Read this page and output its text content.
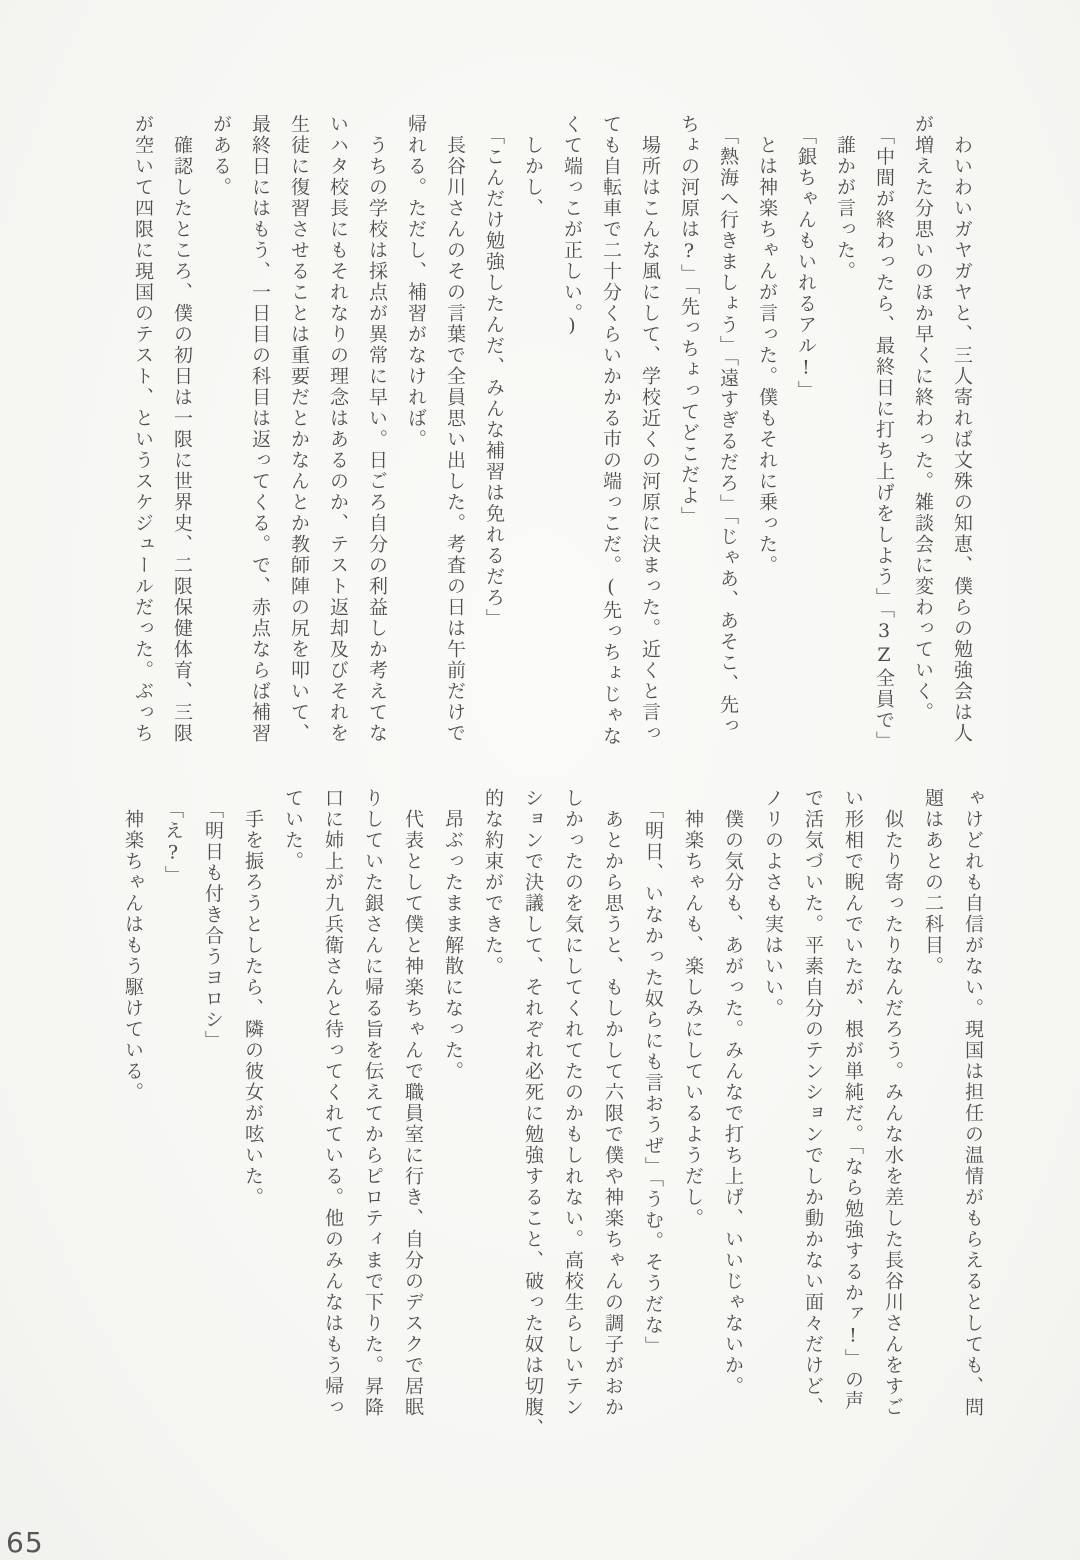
　わいわいガヤガヤと、三人寄れば文殊の知恵、僕らの勉強会は人
が増えた分思いのほか早くに終わった。雑談会に変わっていく。
　「中間が終わったら、最終日に打ち上げをしよう」「3Z全員で」
　誰かが言った。
　「銀ちゃんもいれるアル!」
　とは神楽ちゃんが言った。僕もそれに乗った。
　「熱海へ行きましょう」「遠すぎるだろ」「じゃあ、あそこ、先っ
ちょの河原は?」「先っちょってどこだよ」
　場所はこんな風にして、学校近くの河原に決まった。近くと言っ
ても自転車で二十分くらいかかる市の端っこだ。(先っちょじゃな
くて端っこが正しい。)
　しかし、
　「こんだけ勉強したんだ、みんな補習は免れるだろ」
　長谷川さんのその言葉で全員思い出した。考査の日は午前だけで
帰れる。ただし、補習がなければ。
　うちの学校は採点が異常に早い。日ごろ自分の利益しか考えてな
いハタ校長にもそれなりの理念はあるのか、テスト返却及びそれを
生徒に復習させることは重要だとかなんとか教師陣の尻を叩いて、
最終日にはもう、一日目の科目は返ってくる。で、赤点ならば補習
がある。
　確認したところ、僕の初日は一限に世界史、二限保健体育、三限
が空いて四限に現国のテスト、というスケジュールだった。ぶっち
ゃけどれも自信がない。現国は担任の温情がもらえるとしても、問
題はあとの二科目。
　似たり寄ったりなんだろう。みんな水を差した長谷川さんをすご
い形相で睨んでいたが、根が単純だ。「なら勉強するかァ!」の声
で活気づいた。平素自分のテンションでしか動かない面々だけど、
ノリのよさも実はいい。
　僕の気分も、あがった。みんなで打ち上げ、いいじゃないか。
　神楽ちゃんも、楽しみにしているようだし。
　「明日、いなかった奴らにも言おうぜ」「うむ。そうだな」
　あとから思うと、もしかして六限で僕や神楽ちゃんの調子がおか
しかったのを気にしてくれてたのかもしれない。高校生らしいテン
ションで決議して、それぞれ必死に勉強すること、破った奴は切腹、
的な約束ができた。
　昂ぶったまま解散になった。
　代表として僕と神楽ちゃんで職員室に行き、自分のデスクで居眠
りしていた銀さんに帰る旨を伝えてからピロティまで下りた。昇降
口に姉上が九兵衛さんと待ってくれている。他のみんなはもう帰っ
ていた。
　手を振ろうとしたら、隣の彼女が呟いた。
　「明日も付き合うヨロシ」
　「え?」
　神楽ちゃんはもう駆けている。
65
